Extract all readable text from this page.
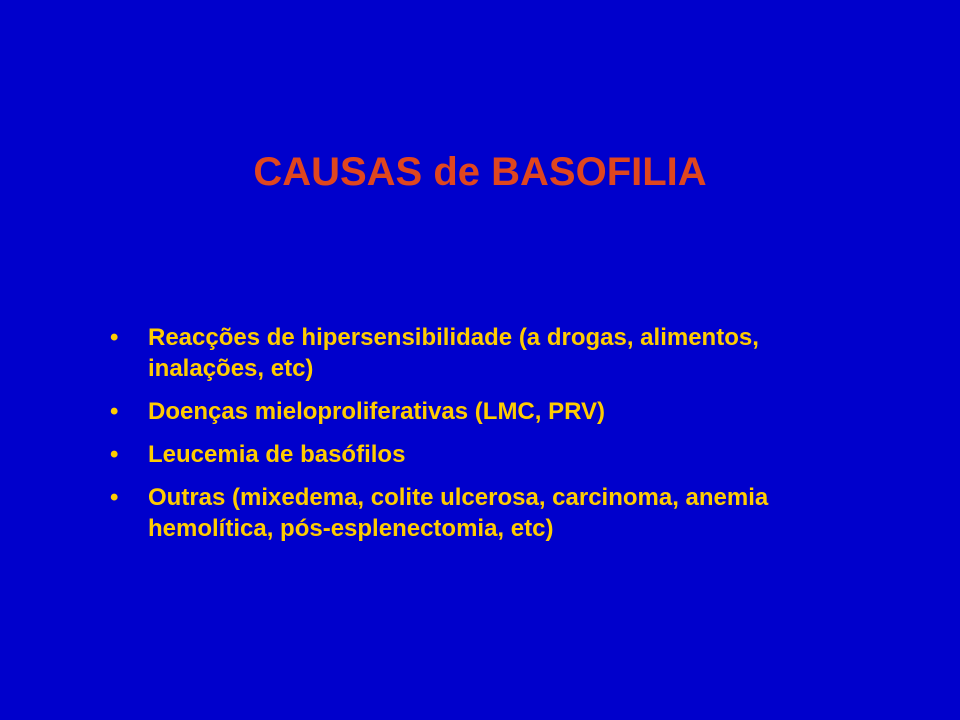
CAUSAS de BASOFILIA
•	Reacções de hipersensibilidade (a drogas, alimentos, inalações, etc)
•	Doenças mieloproliferativas (LMC, PRV)
•	Leucemia de basófilos
•	Outras (mixedema, colite ulcerosa, carcinoma, anemia hemolítica, pós-esplenectomia, etc)
